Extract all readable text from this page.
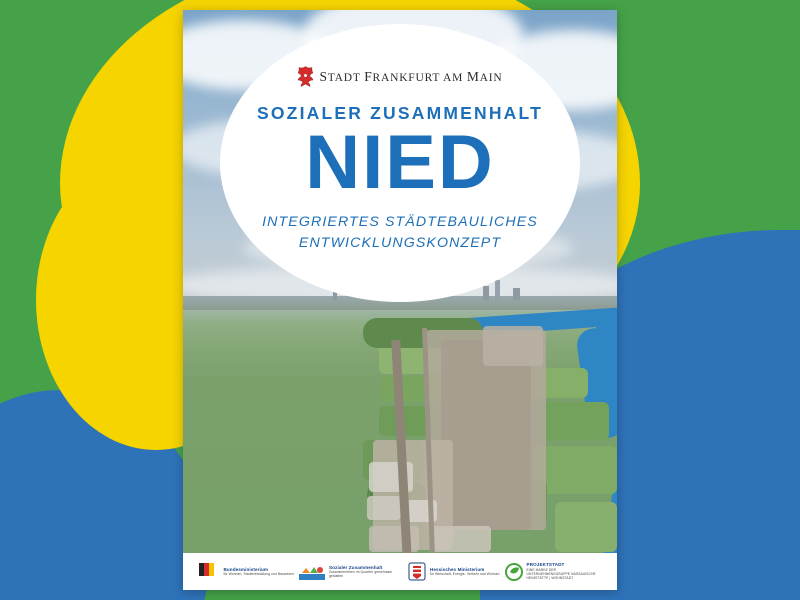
STADT FRANKFURT AM MAIN
SOZIALER ZUSAMMENHALT
NIED
INTEGRIERTES STÄDTEBAULICHES
ENTWICKLUNGSKONZEPT
Bundesministerium
für Wohnen, Stadtentwicklung und Bauwesen
Sozialer Zusammenhalt
Zusammenleben im Quartier gemeinsam gestalten
Hessisches Ministerium
für Wirtschaft, Energie, Verkehr und Wohnen
PROJEKTSTADT
EINE MARKE DER UNTERNEHMENSGRUPPE NASSAUISCHE HEIMSTÄTTE | WOHNSTADT
